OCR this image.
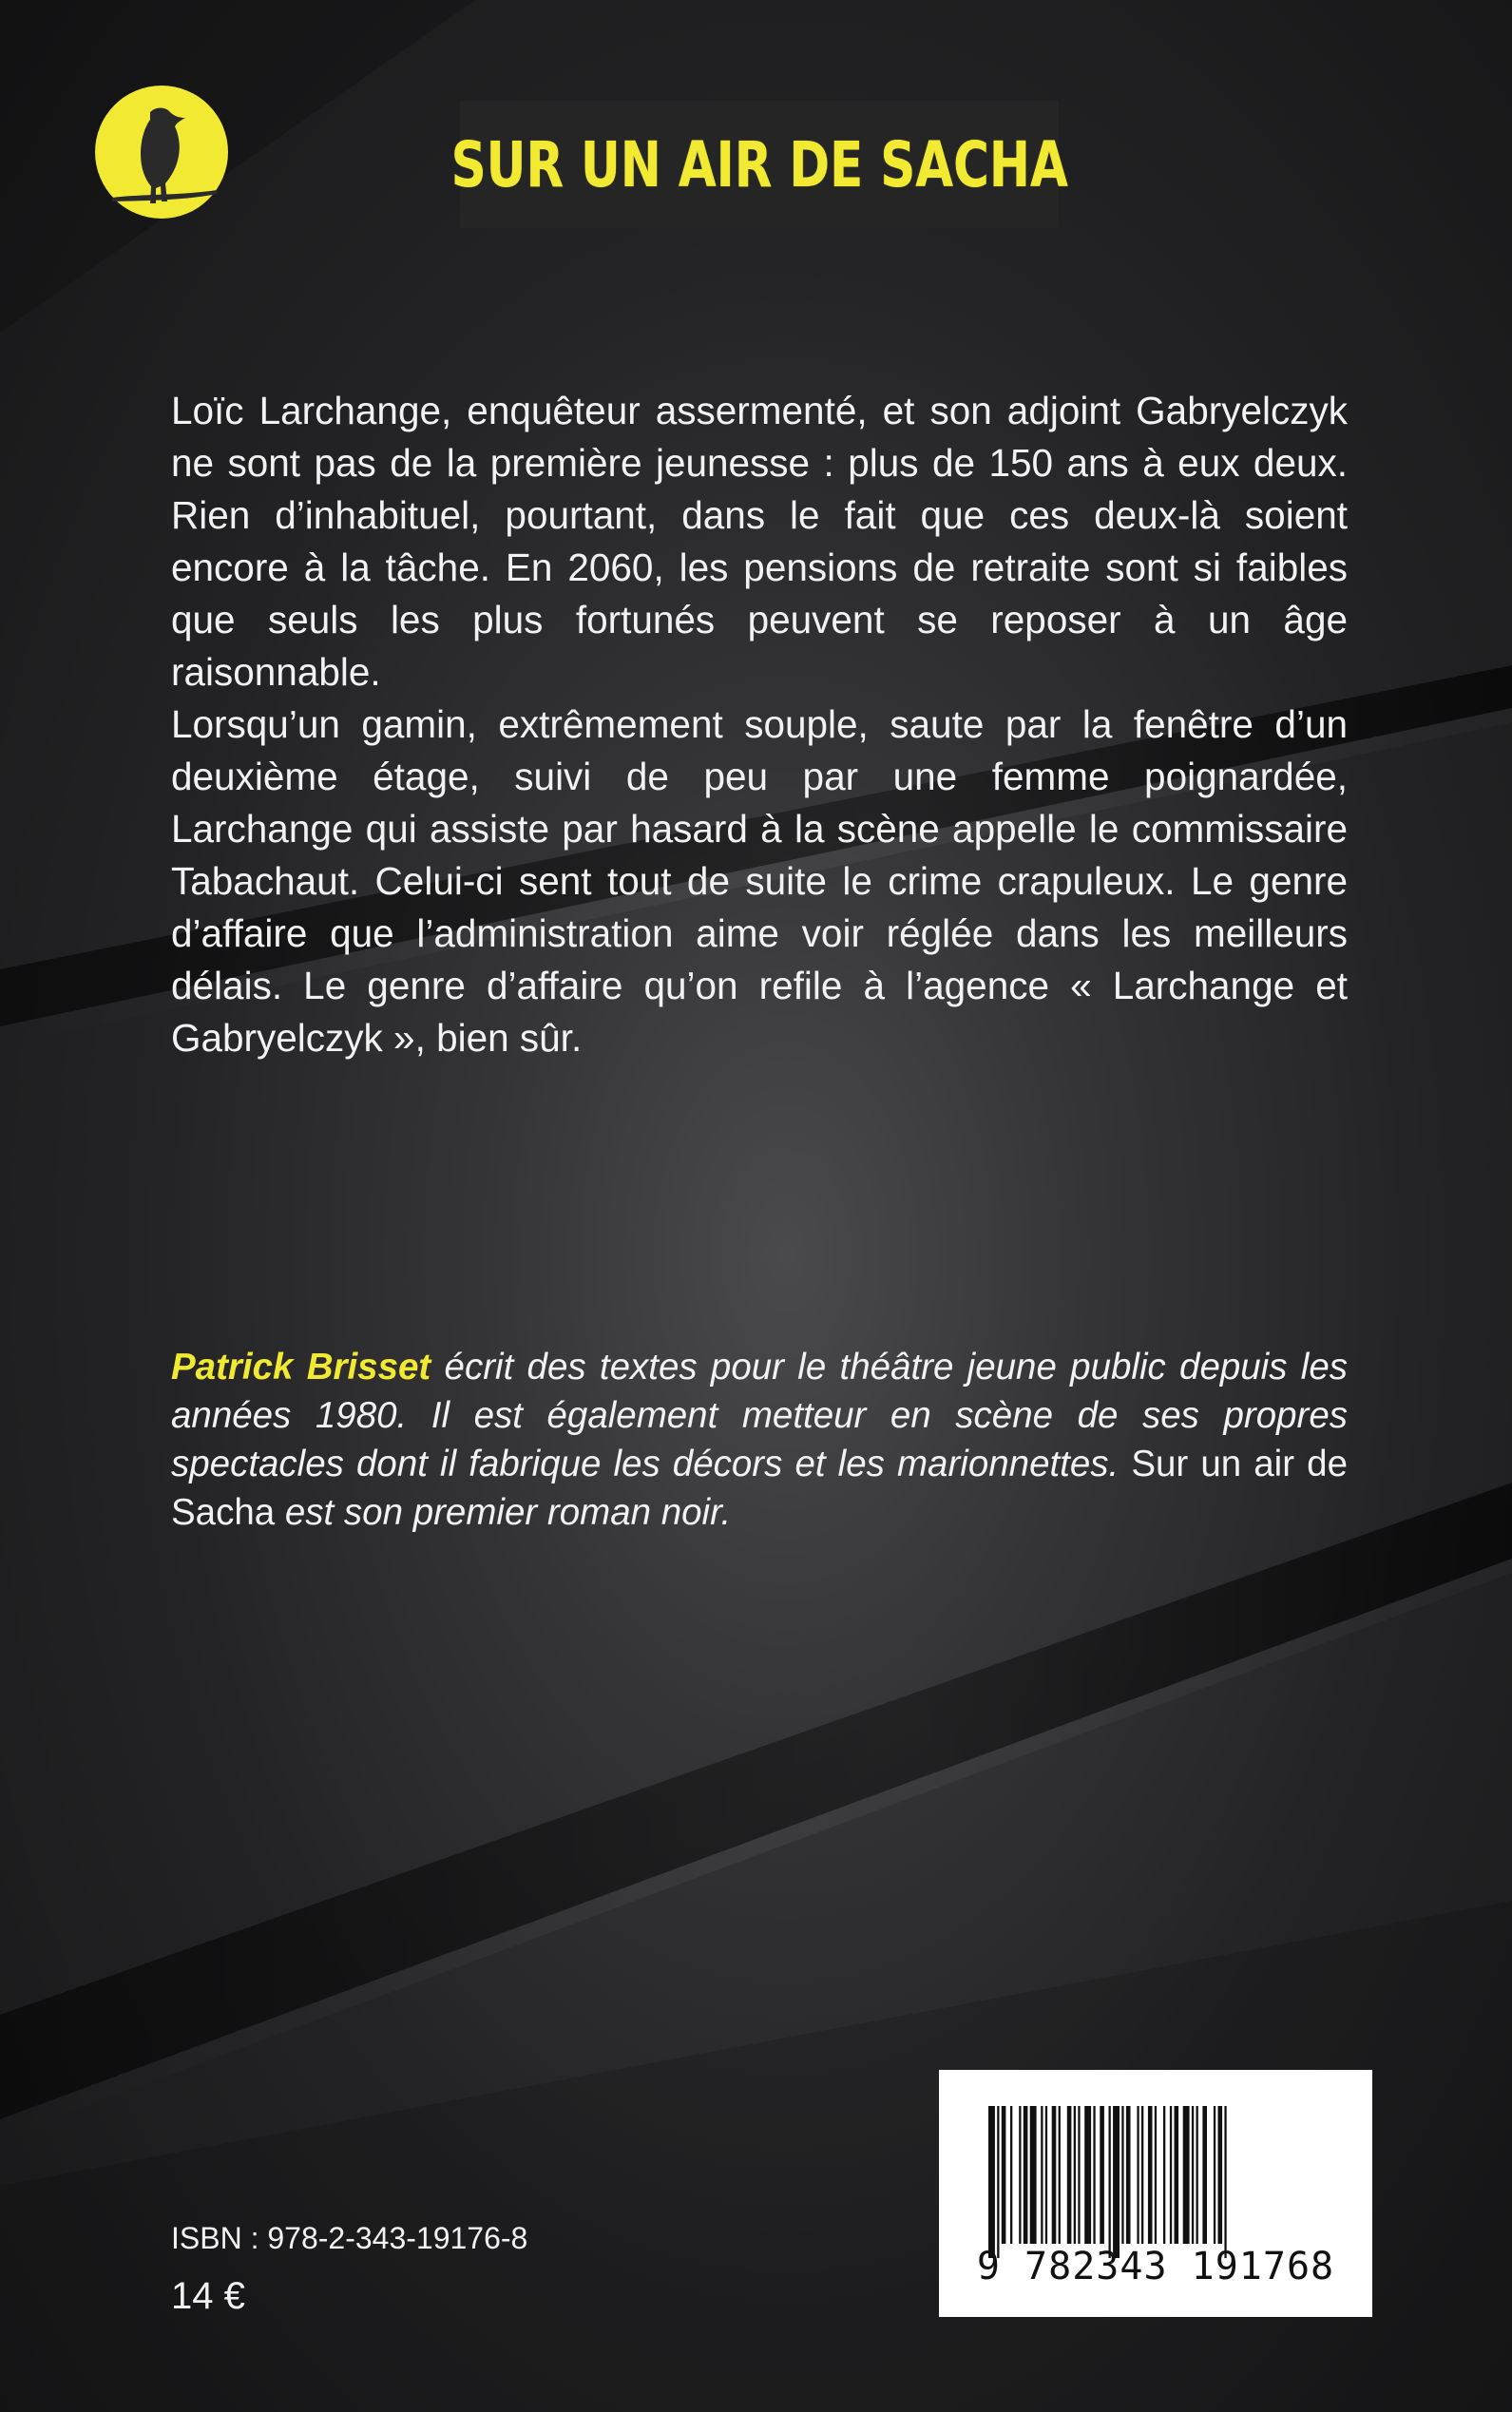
SUR UN AIR DE SACHA

Loïc Larchange, enquêteur assermenté, et son adjoint Gabryelczyk ne sont pas de la première jeunesse : plus de 150 ans à eux deux. Rien d’inhabituel, pourtant, dans le fait que ces deux-là soient encore à la tâche. En 2060, les pensions de retraite sont si faibles que seuls les plus fortunés peuvent se reposer à un âge raisonnable.

Lorsqu’un gamin, extrêmement souple, saute par la fenêtre d’un deuxième étage, suivi de peu par une femme poignardée, Larchange qui assiste par hasard à la scène appelle le commissaire Tabachaut. Celui-ci sent tout de suite le crime crapuleux. Le genre d’affaire que l’administration aime voir réglée dans les meilleurs délais. Le genre d’affaire qu’on refile à l’agence « Larchange et Gabryelczyk », bien sûr.

Patrick Brisset écrit des textes pour le théâtre jeune public depuis les années 1980. Il est également metteur en scène de ses propres spectacles dont il fabrique les décors et les marionnettes. Sur un air de Sacha est son premier roman noir.
ISBN : 978-2-343-19176-8
14 €
9 782343 191768
